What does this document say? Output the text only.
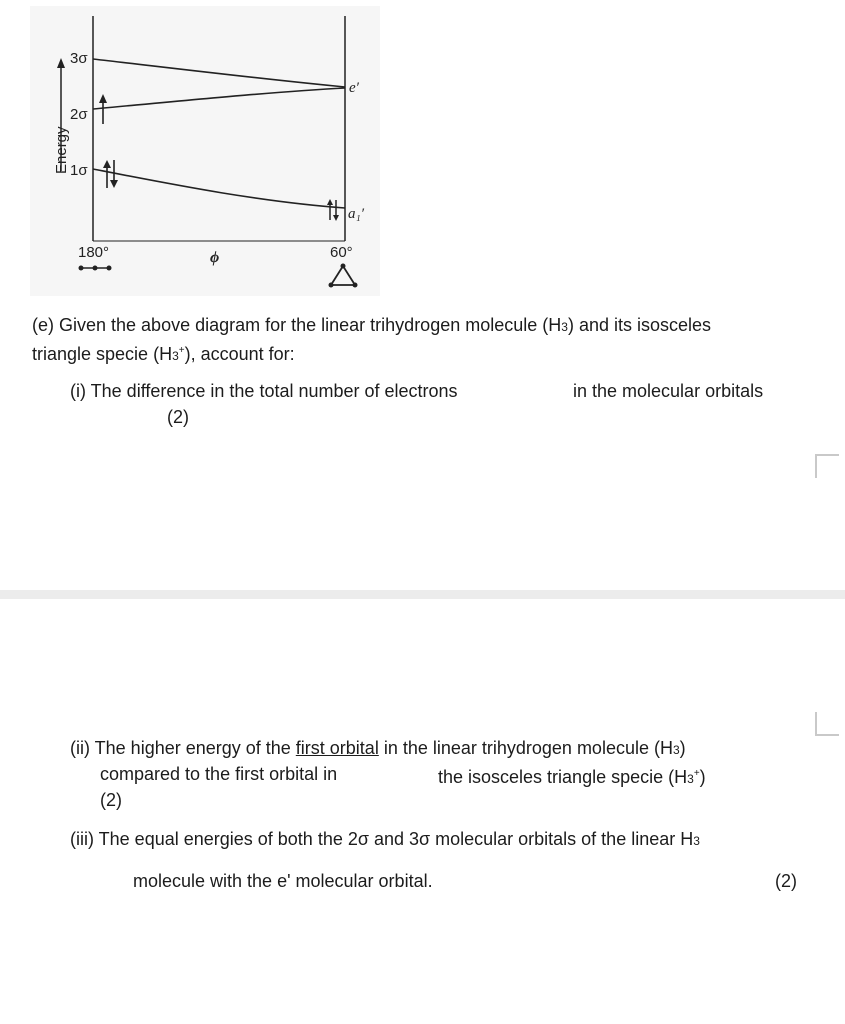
Energy
3σ
2σ
1σ
e′
a₁′
180°	ϕ	60°
(e) Given the above diagram for the linear trihydrogen molecule (H3) and its isosceles
triangle specie (H3+), account for:
(i) The difference in the total number of electrons	in the molecular orbitals
(2)
(ii) The higher energy of the first orbital in the linear trihydrogen molecule (H3)
compared to the first orbital in	the isosceles triangle specie (H3+)
(2)
(iii) The equal energies of both the 2σ and 3σ molecular orbitals of the linear H3
molecule with the e' molecular orbital.	(2)
